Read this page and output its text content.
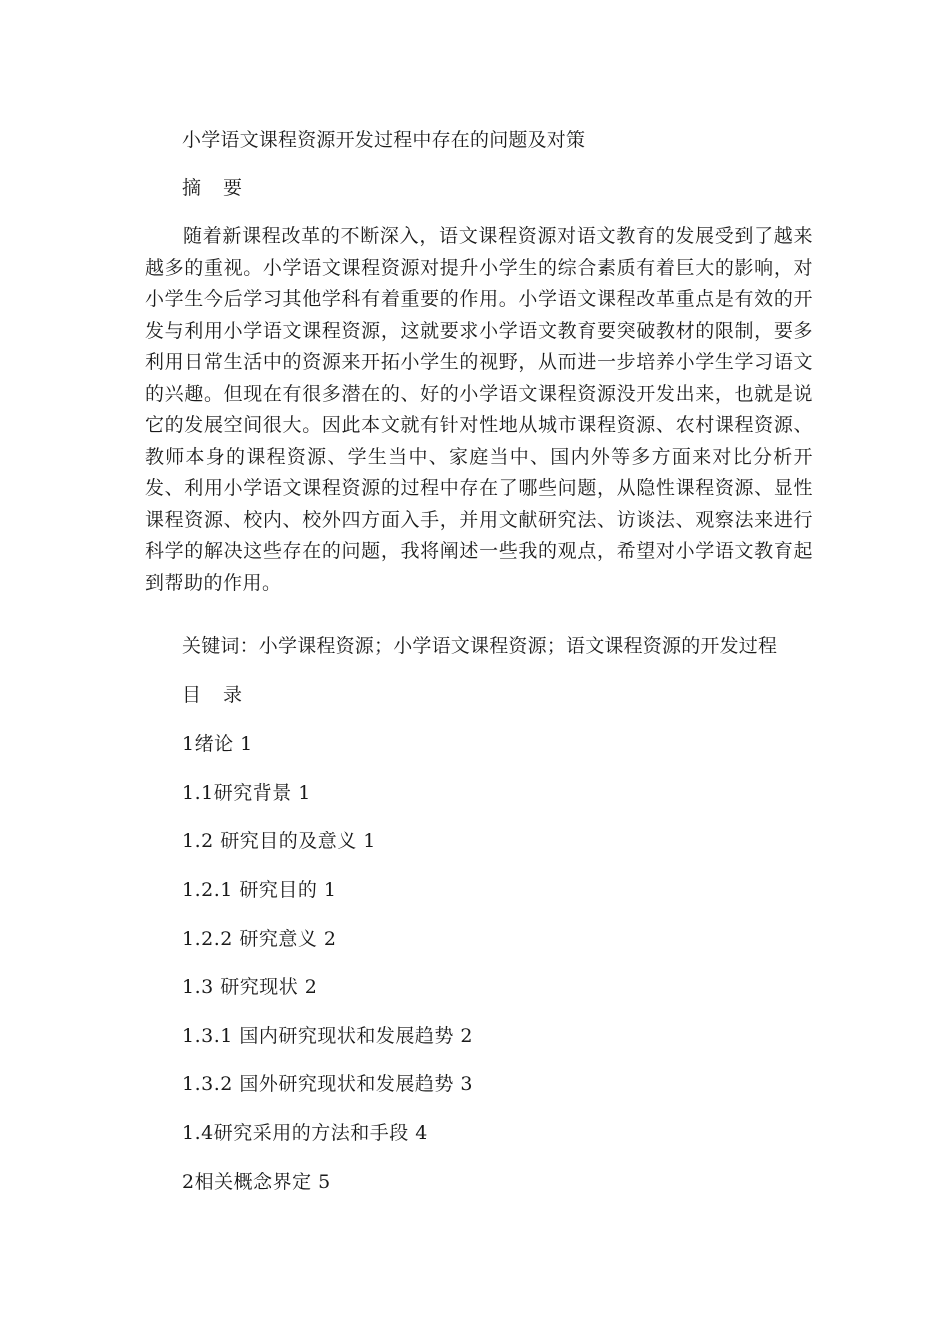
小学语文课程资源开发过程中存在的问题及对策
摘 要

随着新课程改革的不断深入，语文课程资源对语文教育的发展受到了越来越多的重视。小学语文课程资源对提升小学生的综合素质有着巨大的影响，对小学生今后学习其他学科有着重要的作用。小学语文课程改革重点是有效的开发与利用小学语文课程资源，这就要求小学语文教育要突破教材的限制，要多利用日常生活中的资源来开拓小学生的视野，从而进一步培养小学生学习语文的兴趣。但现在有很多潜在的、好的小学语文课程资源没开发出来，也就是说它的发展空间很大。因此本文就有针对性地从城市课程资源、农村课程资源、教师本身的课程资源、学生当中、家庭当中、国内外等多方面来对比分析开发、利用小学语文课程资源的过程中存在了哪些问题，从隐性课程资源、显性课程资源、校内、校外四方面入手，并用文献研究法、访谈法、观察法来进行科学的解决这些存在的问题，我将阐述一些我的观点，希望对小学语文教育起到帮助的作用。

关键词：小学课程资源；小学语文课程资源；语文课程资源的开发过程
目 录
1绪论 1
1.1研究背景 1
1.2 研究目的及意义 1
1.2.1 研究目的 1
1.2.2 研究意义 2
1.3 研究现状 2
1.3.1 国内研究现状和发展趋势 2
1.3.2 国外研究现状和发展趋势 3
1.4研究采用的方法和手段 4
2相关概念界定 5
